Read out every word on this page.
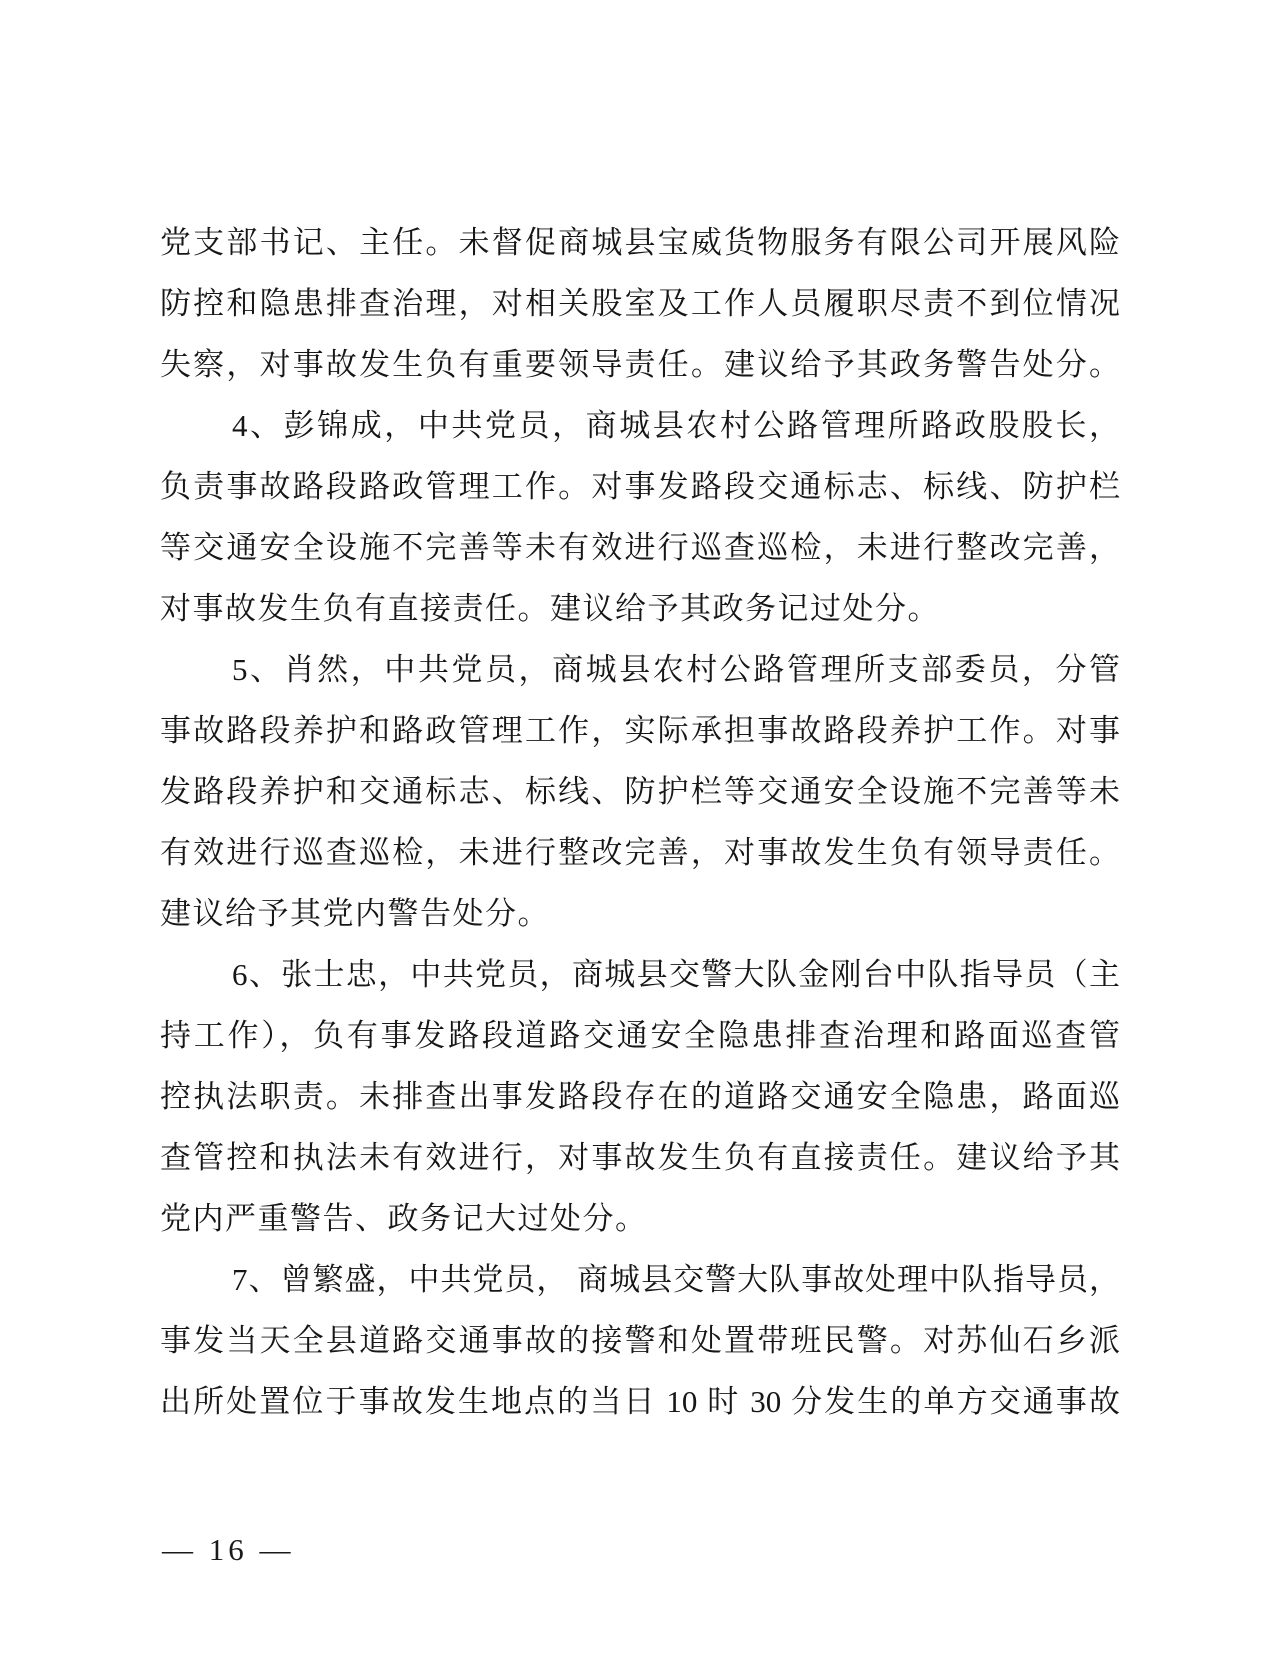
党支部书记、主任。未督促商城县宝威货物服务有限公司开展风险
防控和隐患排查治理，对相关股室及工作人员履职尽责不到位情况
失察，对事故发生负有重要领导责任。建议给予其政务警告处分。
4、彭锦成，中共党员，商城县农村公路管理所路政股股长，
负责事故路段路政管理工作。对事发路段交通标志、标线、防护栏
等交通安全设施不完善等未有效进行巡查巡检，未进行整改完善，
对事故发生负有直接责任。建议给予其政务记过处分。
5、肖然，中共党员，商城县农村公路管理所支部委员，分管
事故路段养护和路政管理工作，实际承担事故路段养护工作。对事
发路段养护和交通标志、标线、防护栏等交通安全设施不完善等未
有效进行巡查巡检，未进行整改完善，对事故发生负有领导责任。
建议给予其党内警告处分。
6、张士忠，中共党员，商城县交警大队金刚台中队指导员（主
持工作），负有事发路段道路交通安全隐患排查治理和路面巡查管
控执法职责。未排查出事发路段存在的道路交通安全隐患，路面巡
查管控和执法未有效进行，对事故发生负有直接责任。建议给予其
党内严重警告、政务记大过处分。
7、曾繁盛，中共党员， 商城县交警大队事故处理中队指导员，
事发当天全县道路交通事故的接警和处置带班民警。对苏仙石乡派
出所处置位于事故发生地点的当日 10 时 30 分发生的单方交通事故
— 16 —
